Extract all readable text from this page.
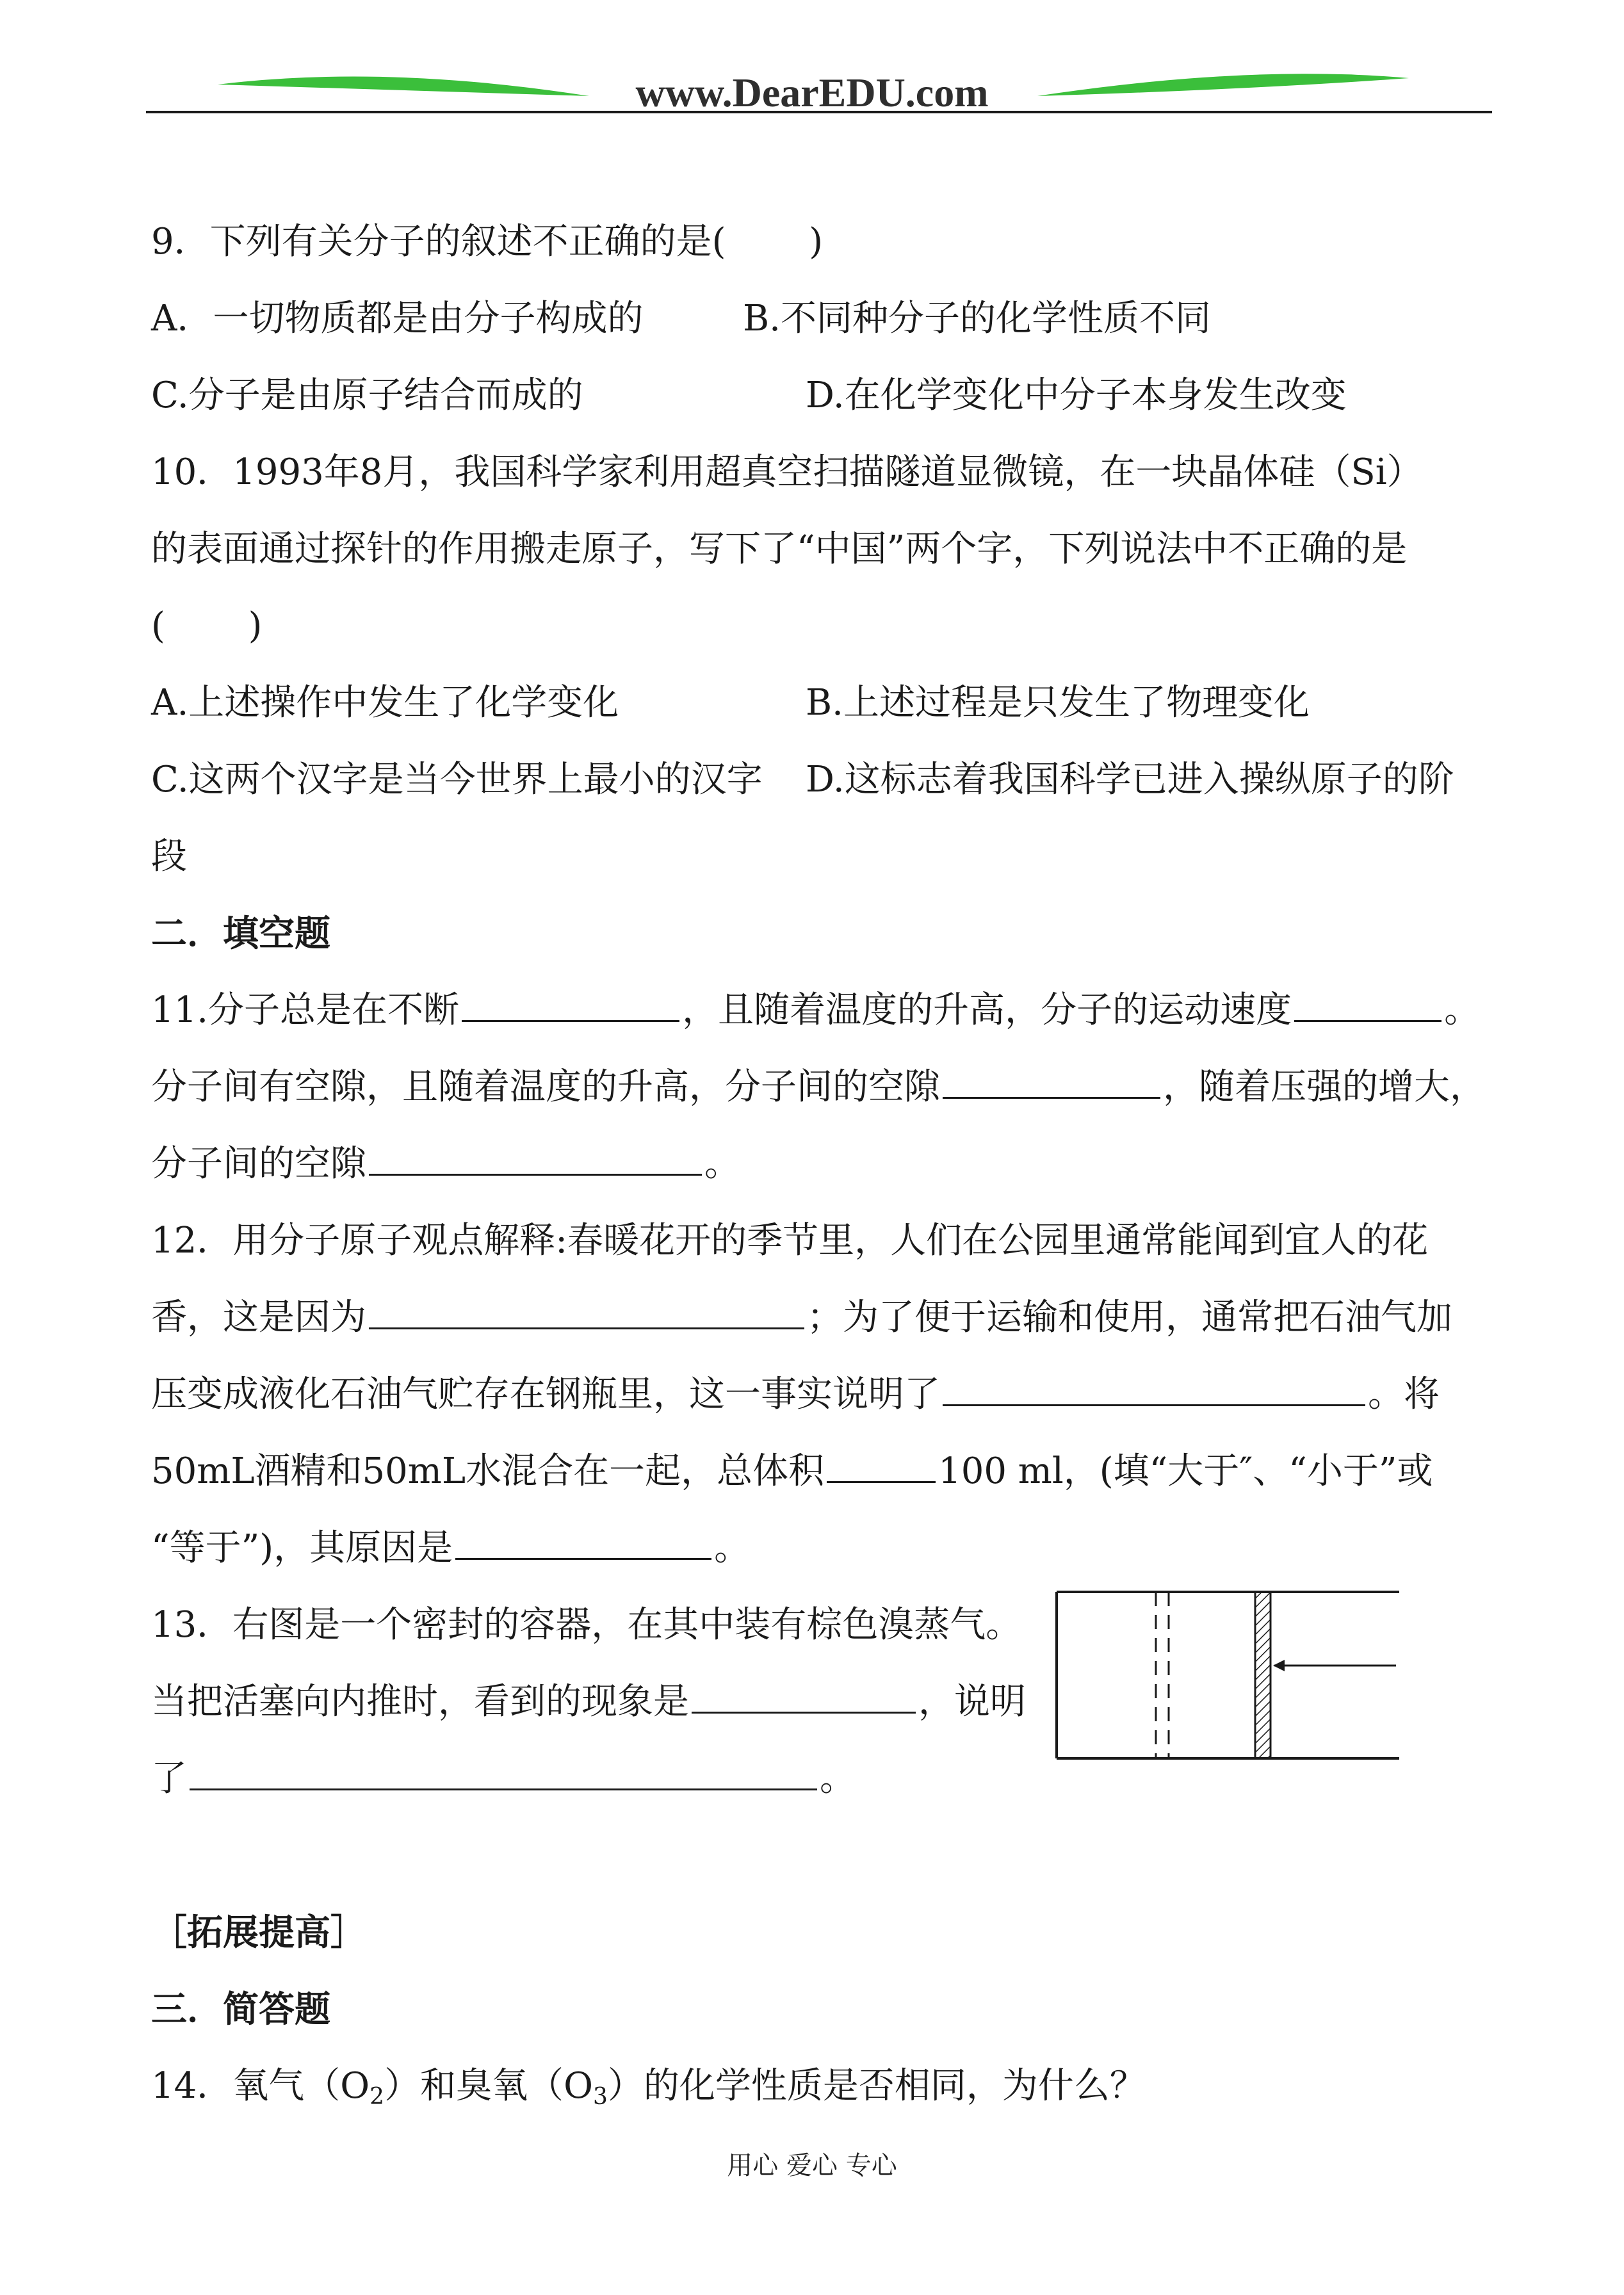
www.DearEDU.com
9．下列有关分子的叙述不正确的是(　　 )
A．一切物质都是由分子构成的	B.不同种分子的化学性质不同
C.分子是由原子结合而成的	D.在化学变化中分子本身发生改变
10．1993年8月，我国科学家利用超真空扫描隧道显微镜，在一块晶体硅（Si）
的表面通过探针的作用搬走原子，写下了“中国”两个字，下列说法中不正确的是
(　　 )
A.上述操作中发生了化学变化	B.上述过程是只发生了物理变化
C.这两个汉字是当今世界上最小的汉字 D.这标志着我国科学已进入操纵原子的阶
段
二．填空题
11.分子总是在不断	，且随着温度的升高，分子的运动速度	。
分子间有空隙，且随着温度的升高，分子间的空隙	，随着压强的增大，
分子间的空隙	。
12．用分子原子观点解释:春暖花开的季节里，人们在公园里通常能闻到宜人的花
香，这是因为	；为了便于运输和使用，通常把石油气加
压变成液化石油气贮存在钢瓶里，这一事实说明了	。将
50mL酒精和50mL水混合在一起，总体积	100 ml，(填“大于″、“小于”或
“等于”)，其原因是	。
13．右图是一个密封的容器，在其中装有棕色溴蒸气。
当把活塞向内推时，看到的现象是	，说明
了	。
［拓展提高］
三．简答题
14．氧气$(O_2)$和臭氧$(O_3)$的化学性质是否相同，为什么？
用心 爱心 专心
